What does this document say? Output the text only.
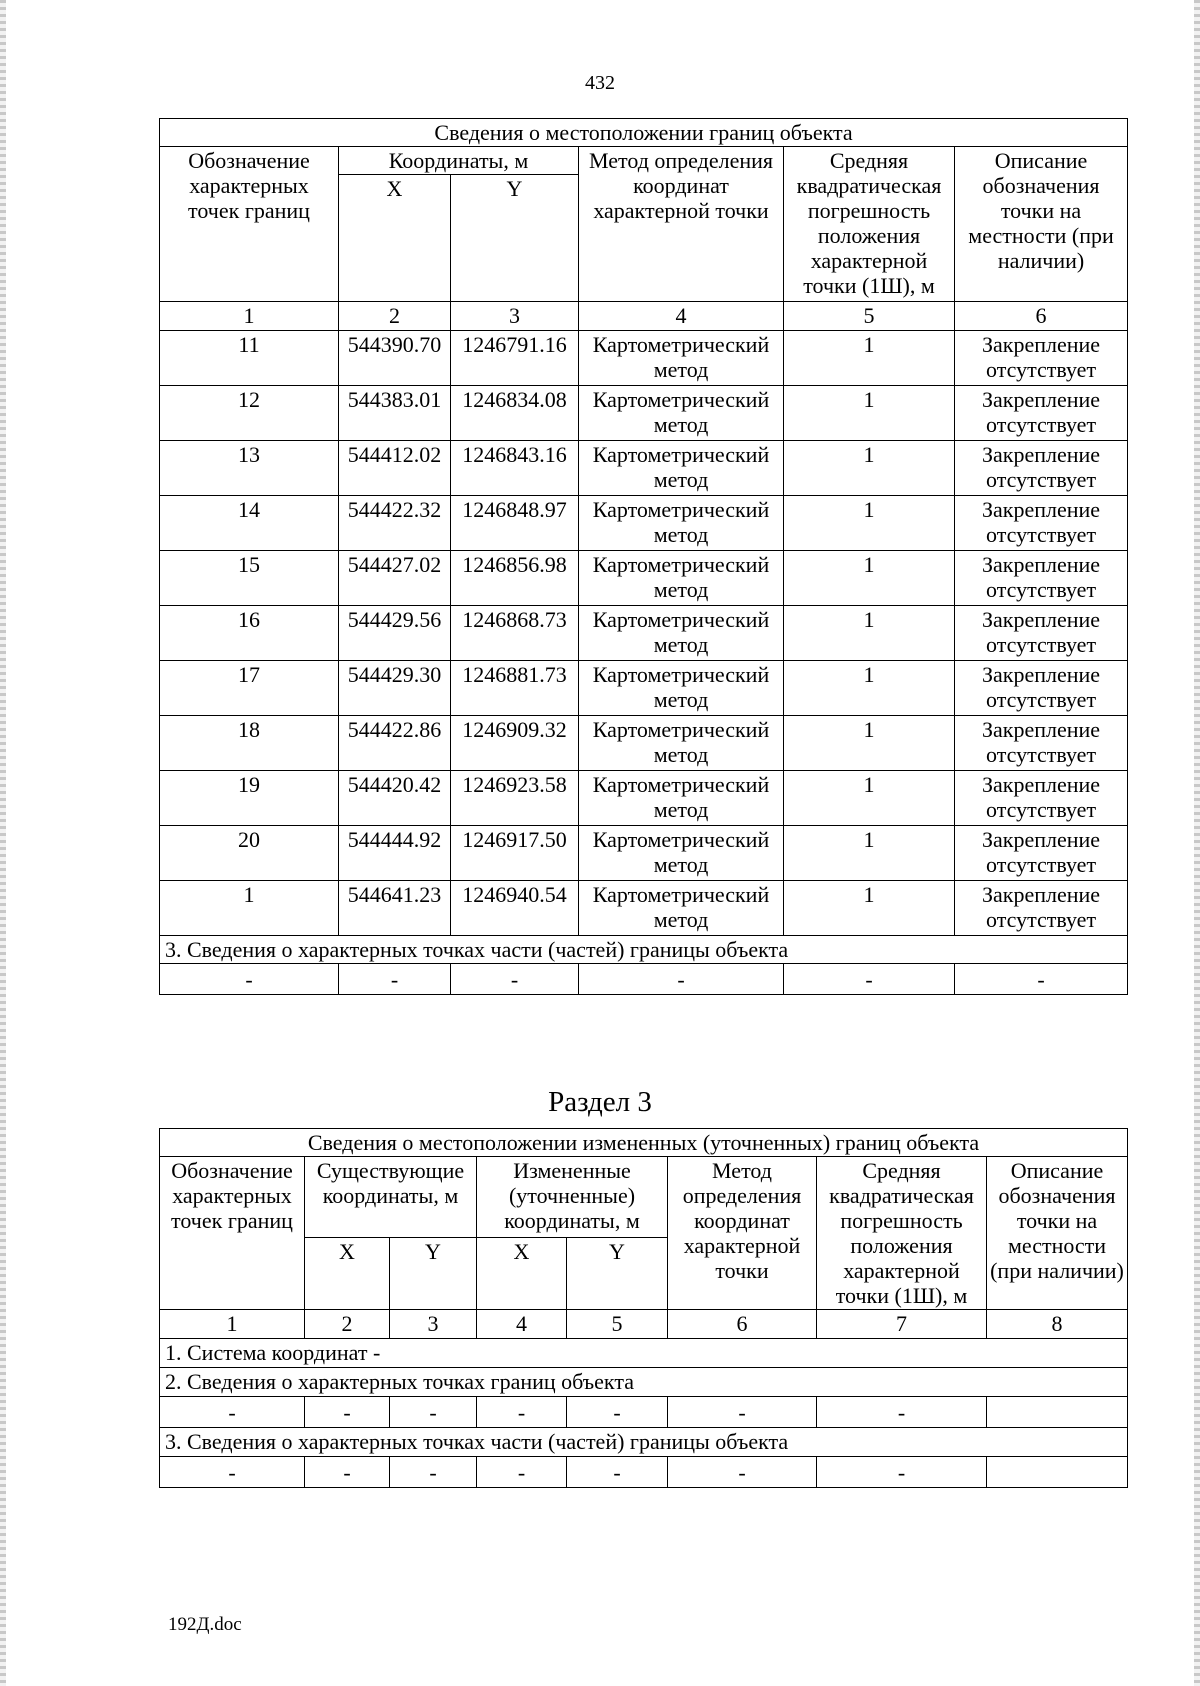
432
Сведения о местоположении границ объекта					
Обозначение характерных точек границ	Координаты, м		Метод определения координат характерной точки	Средняя квадратическая погрешность положения характерной точки (1Ш), м	Описание обозначения точки на местности (при наличии)
	X	Y			
1	2	3	4	5	6
11	544390.70	1246791.16	Картометрический метод	1	Закрепление отсутствует
12	544383.01	1246834.08	Картометрический метод	1	Закрепление отсутствует
13	544412.02	1246843.16	Картометрический метод	1	Закрепление отсутствует
14	544422.32	1246848.97	Картометрический метод	1	Закрепление отсутствует
15	544427.02	1246856.98	Картометрический метод	1	Закрепление отсутствует
16	544429.56	1246868.73	Картометрический метод	1	Закрепление отсутствует
17	544429.30	1246881.73	Картометрический метод	1	Закрепление отсутствует
18	544422.86	1246909.32	Картометрический метод	1	Закрепление отсутствует
19	544420.42	1246923.58	Картометрический метод	1	Закрепление отсутствует
20	544444.92	1246917.50	Картометрический метод	1	Закрепление отсутствует
1	544641.23	1246940.54	Картометрический метод	1	Закрепление отсутствует
3. Сведения о характерных точках части (частей) границы объекта					
-	-	-	-	-	-
Раздел 3
Сведения о местоположении измененных (уточненных) границ объекта							
Обозначение характерных точек границ	Существующие координаты, м		Измененные (уточненные) координаты, м		Метод определения координат характерной точки	Средняя квадратическая погрешность положения характерной точки (1Ш), м	Описание обозначения точки на местности (при наличии)
	X	Y	X	Y			
1	2	3	4	5	6	7	8
1. Система координат -							
2. Сведения о характерных точках границ объекта							
-	-	-	-	-	-	-	
3. Сведения о характерных точках части (частей) границы объекта							
-	-	-	-	-	-	-	
192Д.doc
